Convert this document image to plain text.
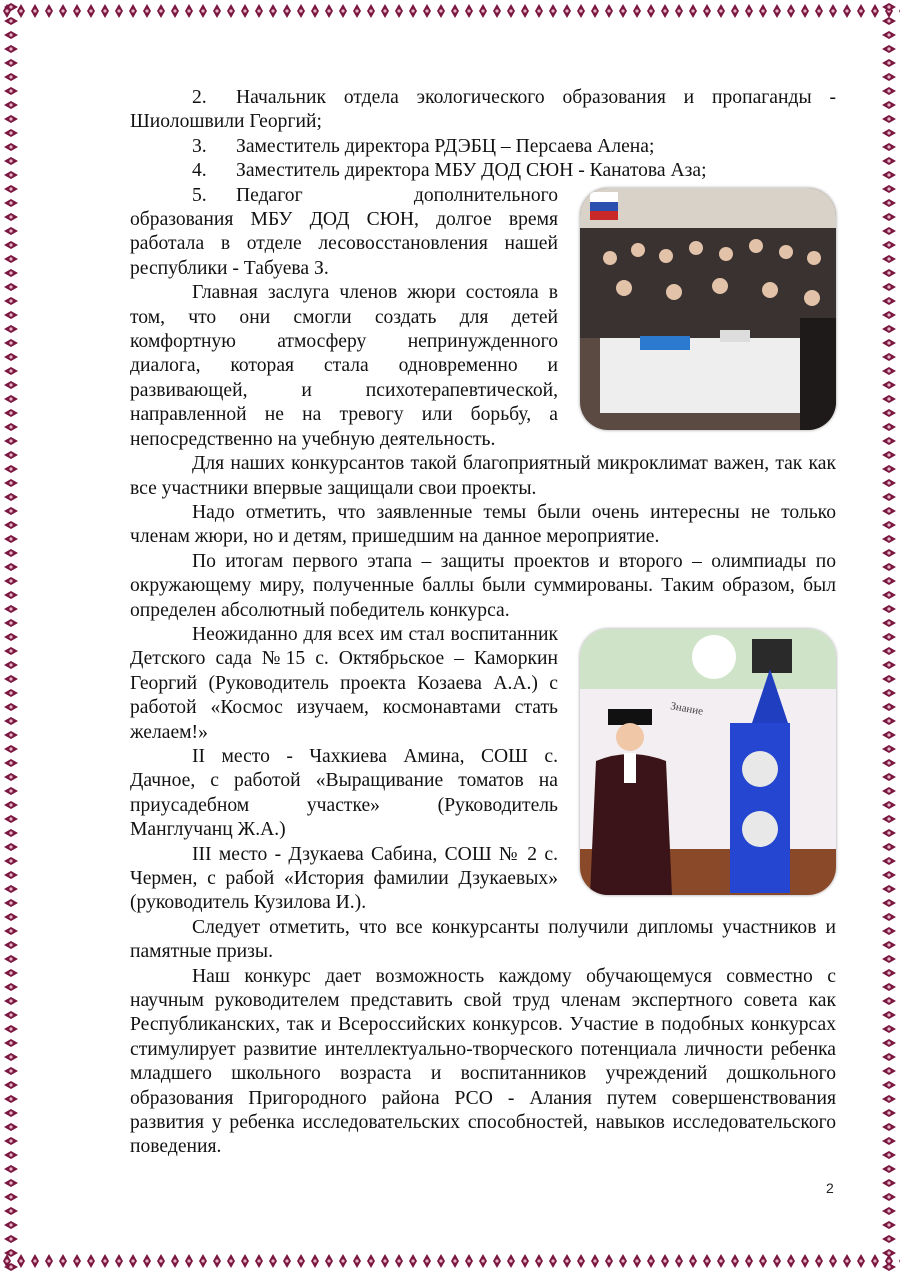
2. Начальник отдела экологического образования и пропаганды - Шиолошвили Георгий;

3. Заместитель директора РДЭБЦ – Персаева Алена;

4. Заместитель директора МБУ ДОД СЮН - Канатова Аза;

5. Педагог дополнительного образования МБУ ДОД СЮН, долгое время работала в отделе лесовосстановления нашей республики - Табуева З.

Главная заслуга членов жюри состояла в том, что они смогли создать для детей комфортную атмосферу непринужденного диалога, которая стала одновременно и развивающей, и психотерапевтической, направленной не на тревогу или борьбу, а непосредственно на учебную деятельность.

Для наших конкурсантов такой благоприятный микроклимат важен, так как все участники впервые защищали свои проекты.

Надо отметить, что заявленные темы были очень интересны не только членам жюри, но и детям, пришедшим на данное мероприятие.

По итогам первого этапа – защиты проектов и второго – олимпиады по окружающему миру, полученные баллы были суммированы. Таким образом, был определен абсолютный победитель конкурса.

Знание

Неожиданно для всех им стал воспитанник Детского сада №15 с. Октябрьское – Каморкин Георгий (Руководитель проекта Козаева А.А.) с работой «Космос изучаем, космонавтами стать желаем!»

II место - Чахкиева Амина, СОШ с. Дачное, с работой «Выращивание томатов на приусадебном участке» (Руководитель Манглучанц Ж.А.)

III место - Дзукаева Сабина, СОШ № 2 с. Чермен, с рабой «История фамилии Дзукаевых» (руководитель Кузилова И.).

Следует отметить, что все конкурсанты получили дипломы участников и памятные призы.

Наш конкурс дает возможность каждому обучающемуся совместно с научным руководителем представить свой труд членам экспертного совета как Республиканских, так и Всероссийских конкурсов. Участие в подобных конкурсах стимулирует развитие интеллектуально-творческого потенциала личности ребенка младшего школьного возраста и воспитанников учреждений дошкольного образования Пригородного района РСО - Алания путем совершенствования развития у ребенка исследовательских способностей, навыков исследовательского поведения.

2
